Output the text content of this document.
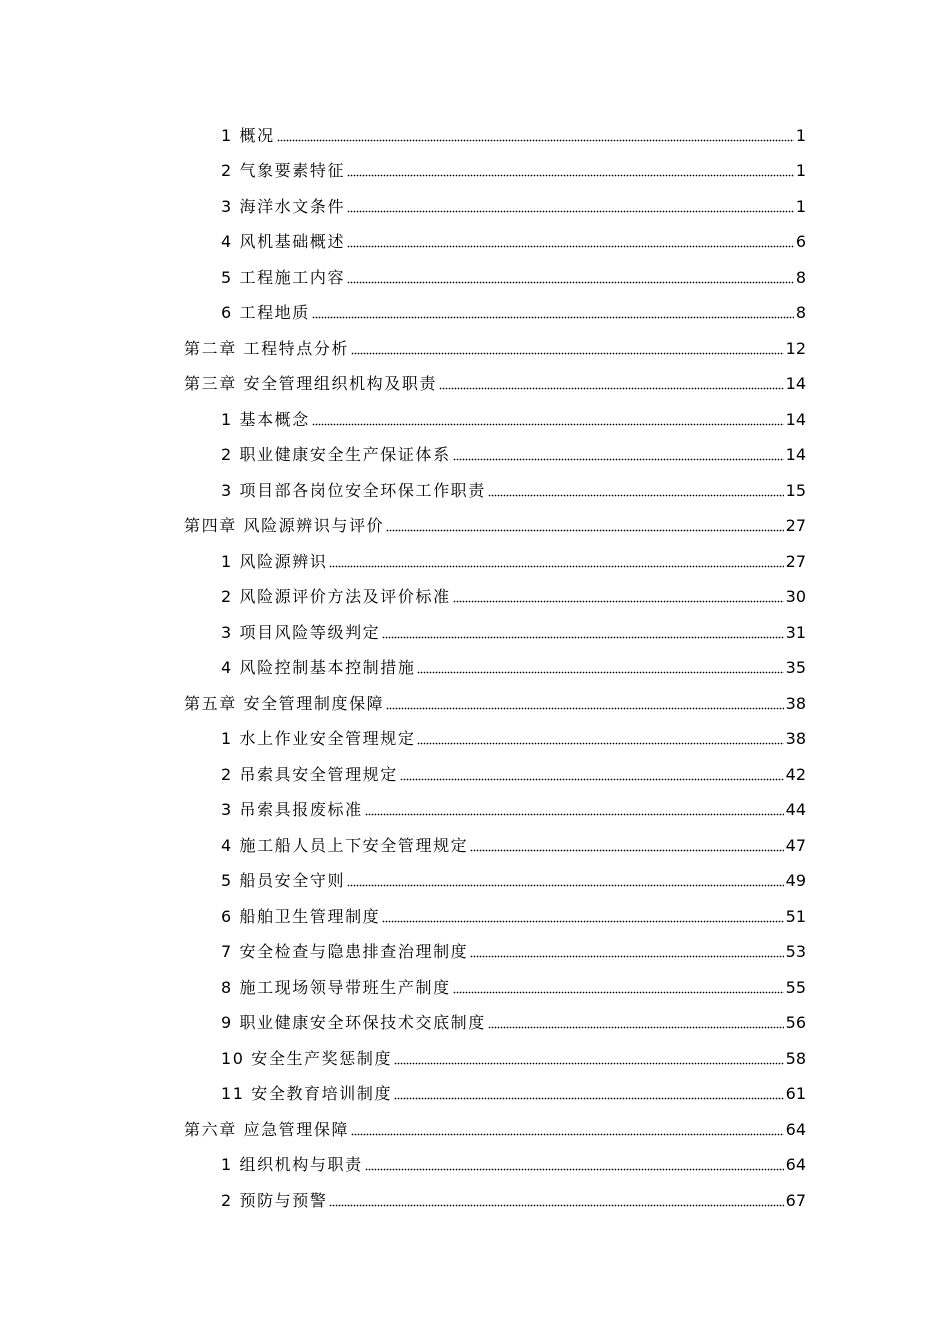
1 概况	1
2 气象要素特征	1
3 海洋水文条件	1
4 风机基础概述	6
5 工程施工内容	8
6 工程地质	8
第二章 工程特点分析	12
第三章 安全管理组织机构及职责	14
1 基本概念	14
2 职业健康安全生产保证体系	14
3 项目部各岗位安全环保工作职责	15
第四章 风险源辨识与评价	27
1 风险源辨识	27
2 风险源评价方法及评价标准	30
3 项目风险等级判定	31
4 风险控制基本控制措施	35
第五章 安全管理制度保障	38
1 水上作业安全管理规定	38
2 吊索具安全管理规定	42
3 吊索具报废标准	44
4 施工船人员上下安全管理规定	47
5 船员安全守则	49
6 船舶卫生管理制度	51
7 安全检查与隐患排查治理制度	53
8 施工现场领导带班生产制度	55
9 职业健康安全环保技术交底制度	56
10 安全生产奖惩制度	58
11 安全教育培训制度	61
第六章 应急管理保障	64
1 组织机构与职责	64
2 预防与预警	67
